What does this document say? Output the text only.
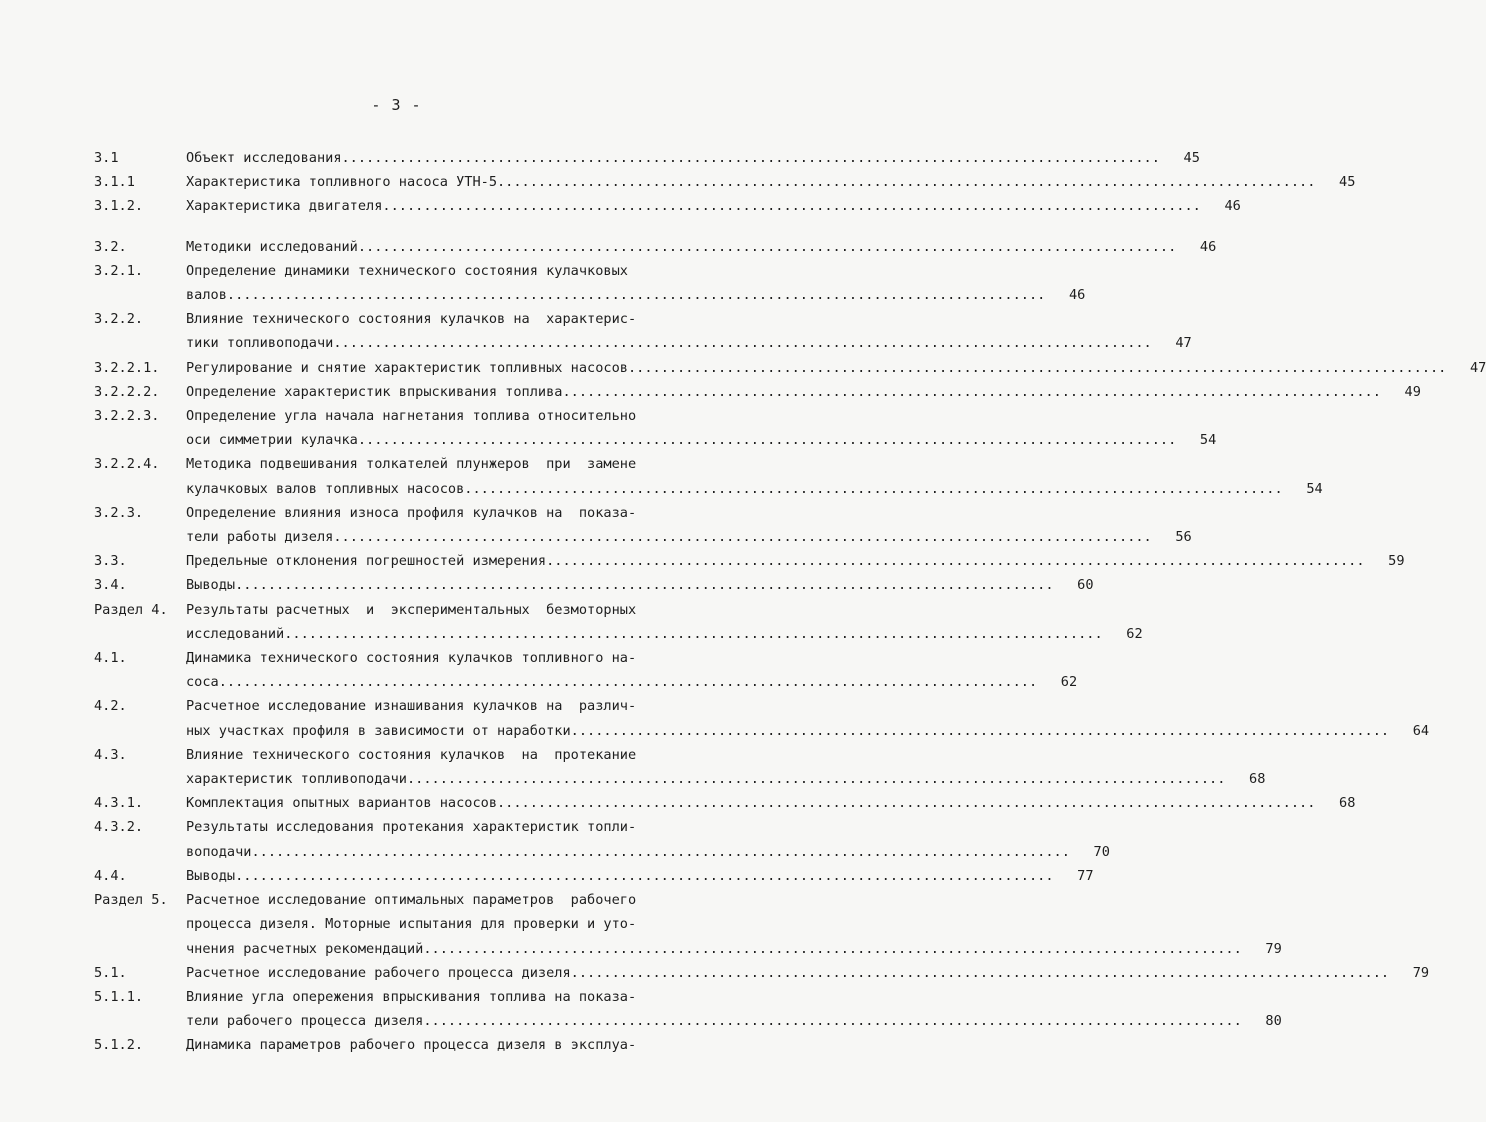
- 3 -
3.1	Объект исследования .....	45
3.1.1	Характеристика топливного насоса УТН-5 .....	45
3.1.2.	Характеристика двигателя .....	46
3.2.	Методики исследований .....	46
3.2.1.	Определение динамики технического состояния кулачковых
валов .....	46
3.2.2.	Влияние технического состояния кулачков на  характерис-
тики топливоподачи .....	47
3.2.2.1.	Регулирование и снятие характеристик топливных насосов .....	47
3.2.2.2.	Определение характеристик впрыскивания топлива .....	49
3.2.2.3.	Определение угла начала нагнетания топлива относительно
оси симметрии кулачка .....	54
3.2.2.4.	Методика подвешивания толкателей плунжеров  при  замене
кулачковых валов топливных насосов .....	54
3.2.3.	Определение влияния износа профиля кулачков на  показа-
тели работы дизеля .....	56
3.3.	Предельные отклонения погрешностей измерения .....	59
3.4.	Выводы .....	60
Раздел 4.	Результаты расчетных  и  экспериментальных  безмоторных
исследований .....	62
4.1.	Динамика технического состояния кулачков топливного на-
соса .....	62
4.2.	Расчетное исследование изнашивания кулачков на  различ-
ных участках профиля в зависимости от наработки .....	64
4.3.	Влияние технического состояния кулачков  на  протекание
характеристик топливоподачи .....	68
4.3.1.	Комплектация опытных вариантов насосов .....	68
4.3.2.	Результаты исследования протекания характеристик топли-
воподачи .....	70
4.4.	Выводы .....	77
Раздел 5.	Расчетное исследование оптимальных параметров  рабочего
процесса дизеля. Моторные испытания для проверки и уто-
чнения расчетных рекомендаций .....	79
5.1.	Расчетное исследование рабочего процесса дизеля .....	79
5.1.1.	Влияние угла опережения впрыскивания топлива на показа-
тели рабочего процесса дизеля .....	80
5.1.2.	Динамика параметров рабочего процесса дизеля в эксплуа-
